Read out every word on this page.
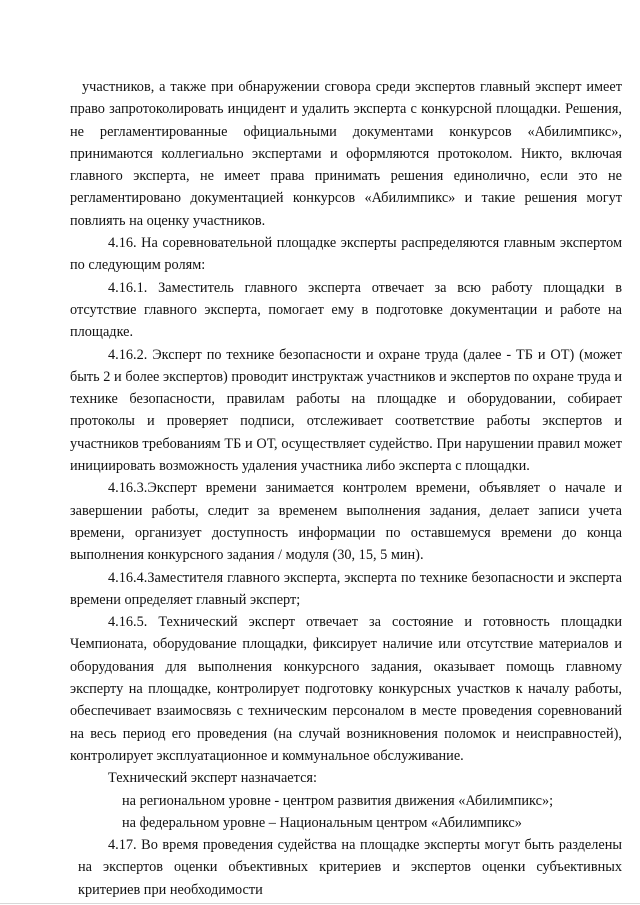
участников, а также при обнаружении сговора среди экспертов главный эксперт имеет право запротоколировать инцидент и удалить эксперта с конкурсной площадки. Решения, не регламентированные официальными документами конкурсов «Абилимпикс», принимаются коллегиально экспертами и оформляются протоколом. Никто, включая главного эксперта, не имеет права принимать решения единолично, если это не регламентировано документацией конкурсов «Абилимпикс» и такие решения могут повлиять на оценку участников.

4.16. На соревновательной площадке эксперты распределяются главным экспертом по следующим ролям:

4.16.1. Заместитель главного эксперта отвечает за всю работу площадки в отсутствие главного эксперта, помогает ему в подготовке документации и работе на площадке.

4.16.2. Эксперт по технике безопасности и охране труда (далее - ТБ и ОТ) (может быть 2 и более экспертов) проводит инструктаж участников и экспертов по охране труда и технике безопасности, правилам работы на площадке и оборудовании, собирает протоколы и проверяет подписи, отслеживает соответствие работы экспертов и участников требованиям ТБ и ОТ, осуществляет судейство. При нарушении правил может инициировать возможность удаления участника либо эксперта с площадки.

4.16.3.Эксперт времени занимается контролем времени, объявляет о начале и завершении работы, следит за временем выполнения задания, делает записи учета времени, организует доступность информации по оставшемуся времени до конца выполнения конкурсного задания / модуля (30, 15, 5 мин).

4.16.4.Заместителя главного эксперта, эксперта по технике безопасности и эксперта времени определяет главный эксперт;

4.16.5. Технический эксперт отвечает за состояние и готовность площадки Чемпионата, оборудование площадки, фиксирует наличие или отсутствие материалов и оборудования для выполнения конкурсного задания, оказывает помощь главному эксперту на площадке, контролирует подготовку конкурсных участков к началу работы, обеспечивает взаимосвязь с техническим персоналом в месте проведения соревнований на весь период его проведения (на случай возникновения поломок и неисправностей), контролирует эксплуатационное и коммунальное обслуживание.

Технический эксперт назначается:

на региональном уровне - центром развития движения «Абилимпикс»;

на федеральном уровне – Национальным центром «Абилимпикс»

4.17. Во время проведения судейства на площадке эксперты могут быть разделены на экспертов оценки объективных критериев и экспертов оценки субъективных критериев при необходимости
